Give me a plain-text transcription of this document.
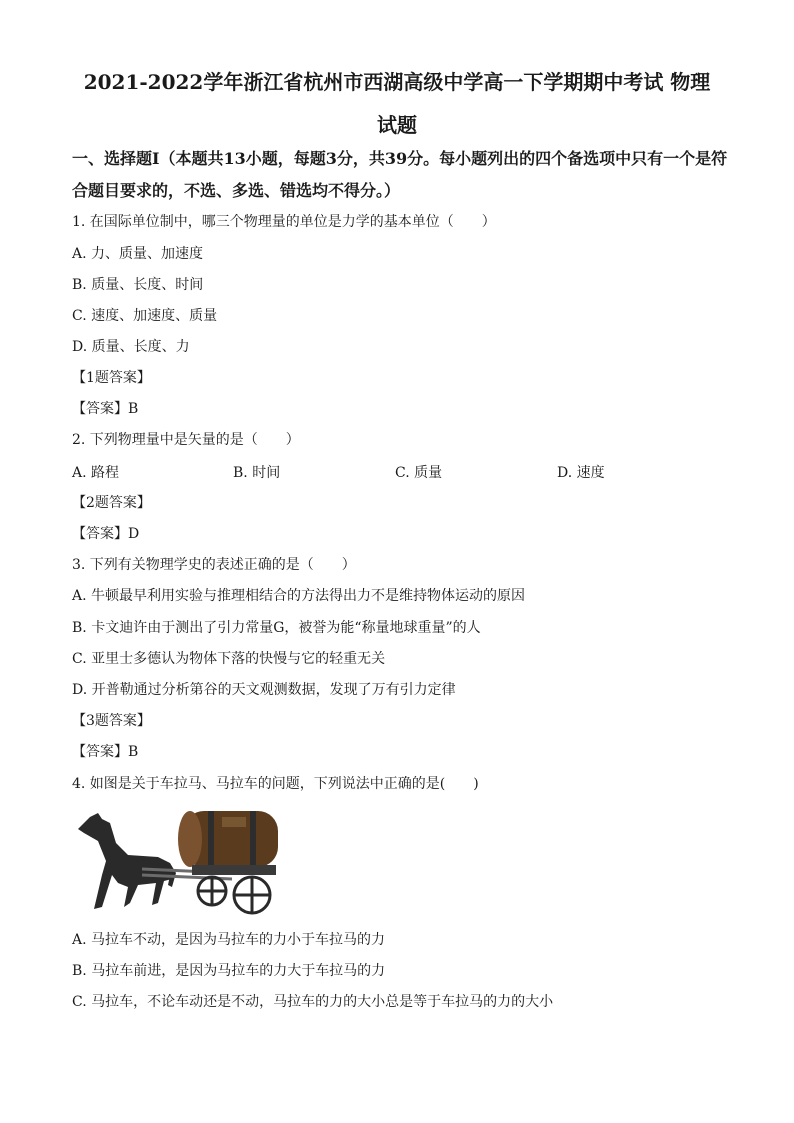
2021-2022学年浙江省杭州市西湖高级中学高一下学期期中考试 物理
试题
一、选择题Ⅰ（本题共13小题，每题3分，共39分。每小题列出的四个备选项中只有一个是符合题目要求的，不选、多选、错选均不得分。）
1. 在国际单位制中，哪三个物理量的单位是力学的基本单位（　　）
A. 力、质量、加速度
B. 质量、长度、时间
C. 速度、加速度、质量
D. 质量、长度、力
【1题答案】
【答案】B
2. 下列物理量中是矢量的是（　　）
A. 路程	B. 时间	C. 质量	D. 速度
【2题答案】
【答案】D
3. 下列有关物理学史的表述正确的是（　　）
A. 牛顿最早利用实验与推理相结合的方法得出力不是维持物体运动的原因
B. 卡文迪许由于测出了引力常量G，被誉为能“称量地球重量”的人
C. 亚里士多德认为物体下落的快慢与它的轻重无关
D. 开普勒通过分析第谷的天文观测数据，发现了万有引力定律
【3题答案】
【答案】B
4. 如图是关于车拉马、马拉车的问题，下列说法中正确的是(　　)
A. 马拉车不动，是因为马拉车的力小于车拉马的力
B. 马拉车前进，是因为马拉车的力大于车拉马的力
C. 马拉车，不论车动还是不动，马拉车的力的大小总是等于车拉马的力的大小
